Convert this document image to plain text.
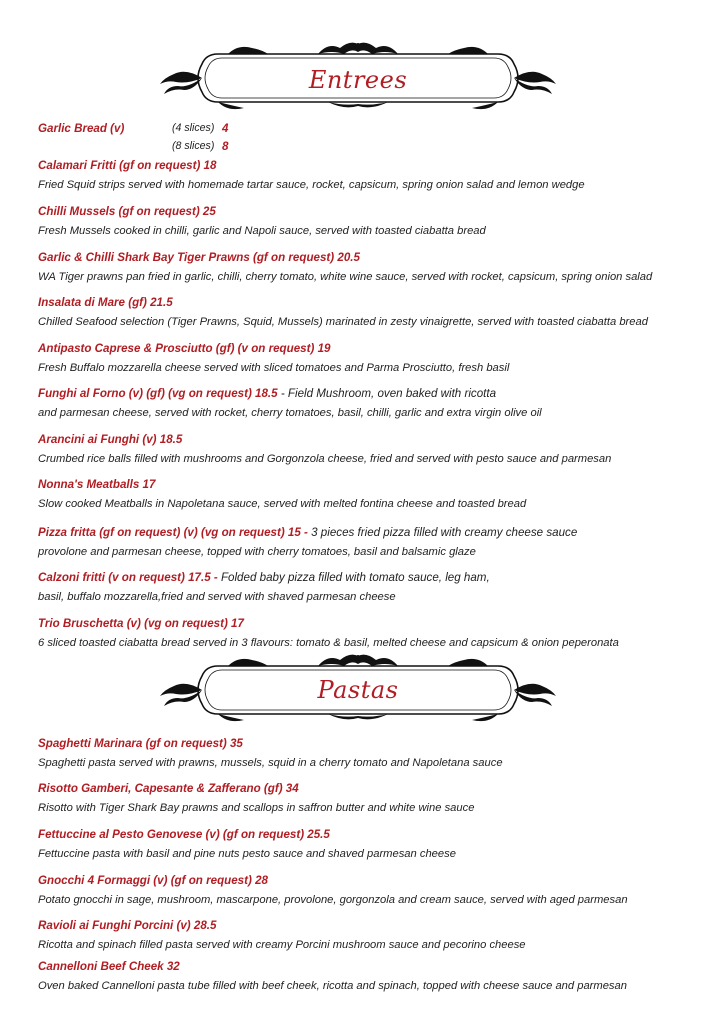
Entrees
Garlic Bread (v)	(4 slices) 4
(8 slices) 8
Calamari Fritti (gf on request) 18
Fried Squid strips served with homemade tartar sauce, rocket, capsicum, spring onion salad and lemon wedge
Chilli Mussels (gf on request) 25
Fresh Mussels cooked in chilli, garlic and Napoli sauce, served with toasted ciabatta bread
Garlic & Chilli Shark Bay Tiger Prawns (gf on request) 20.5
WA Tiger prawns pan fried in garlic, chilli, cherry tomato, white wine sauce, served with rocket, capsicum, spring onion salad
Insalata di Mare (gf) 21.5
Chilled Seafood selection (Tiger Prawns, Squid, Mussels) marinated in zesty vinaigrette, served with toasted ciabatta bread
Antipasto Caprese & Prosciutto (gf) (v on request) 19
Fresh Buffalo mozzarella cheese served with sliced tomatoes and Parma Prosciutto, fresh basil
Funghi al Forno (v) (gf) (vg on request) 18.5 - Field Mushroom, oven baked with ricotta
and parmesan cheese, served with rocket, cherry tomatoes, basil, chilli, garlic and extra virgin olive oil
Arancini ai Funghi (v) 18.5
Crumbed rice balls filled with mushrooms and Gorgonzola cheese, fried and served with pesto sauce and parmesan
Nonna's Meatballs 17
Slow cooked Meatballs in Napoletana sauce, served with melted fontina cheese and toasted bread
Pizza fritta (gf on request) (v) (vg on request) 15 - 3 pieces fried pizza filled with creamy cheese sauce
provolone and parmesan cheese, topped with cherry tomatoes, basil and balsamic glaze
Calzoni fritti (v on request) 17.5 - Folded baby pizza filled with tomato sauce, leg ham,
basil, buffalo mozzarella,fried and served with shaved parmesan cheese
Trio Bruschetta (v) (vg on request) 17
6 sliced toasted ciabatta bread served in 3 flavours: tomato & basil, melted cheese and capsicum & onion peperonata
Pastas
Spaghetti Marinara (gf on request) 35
Spaghetti pasta served with prawns, mussels, squid in a cherry tomato and Napoletana sauce
Risotto Gamberi, Capesante & Zafferano (gf) 34
Risotto with Tiger Shark Bay prawns and scallops in saffron butter and white wine sauce
Fettuccine al Pesto Genovese (v) (gf on request) 25.5
Fettuccine pasta with basil and pine nuts pesto sauce and shaved parmesan cheese
Gnocchi 4 Formaggi (v) (gf on request) 28
Potato gnocchi in sage, mushroom, mascarpone, provolone, gorgonzola and cream sauce, served with aged parmesan
Ravioli ai Funghi Porcini (v) 28.5
Ricotta and spinach filled pasta served with creamy Porcini mushroom sauce and pecorino cheese
Cannelloni Beef Cheek 32
Oven baked Cannelloni pasta tube filled with beef cheek, ricotta and spinach, topped with cheese sauce and parmesan
